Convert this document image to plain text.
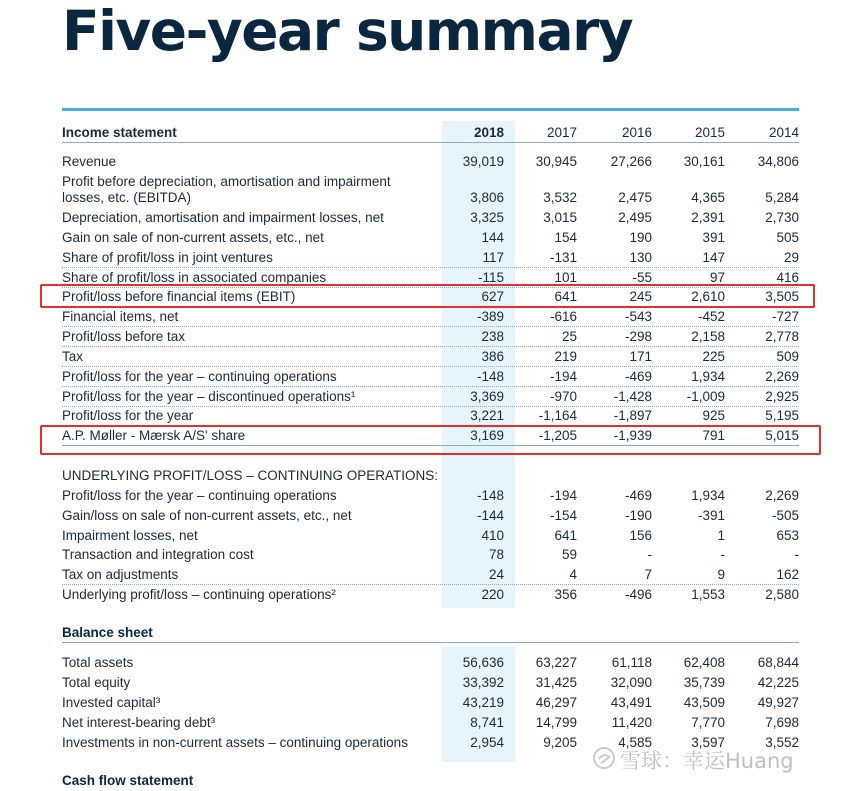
Five-year summary
Income statement	2018	2017	2016	2015	2014
Revenue	39,019	30,945	27,266	30,161	34,806
Profit before depreciation, amortisation and impairment
losses, etc. (EBITDA)	3,806	3,532	2,475	4,365	5,284
Depreciation, amortisation and impairment losses, net	3,325	3,015	2,495	2,391	2,730
Gain on sale of non-current assets, etc., net	144	154	190	391	505
Share of profit/loss in joint ventures	117	-131	130	147	29
Share of profit/loss in associated companies	-115	101	-55	97	416
Profit/loss before financial items (EBIT)	627	641	245	2,610	3,505
Financial items, net	-389	-616	-543	-452	-727
Profit/loss before tax	238	25	-298	2,158	2,778
Tax	386	219	171	225	509
Profit/loss for the year – continuing operations	-148	-194	-469	1,934	2,269
Profit/loss for the year – discontinued operations¹	3,369	-970	-1,428	-1,009	2,925
Profit/loss for the year	3,221	-1,164	-1,897	925	5,195
A.P. Møller - Mærsk A/S' share	3,169	-1,205	-1,939	791	5,015
Profit/loss for the year – continuing operations	-148	-194	-469	1,934	2,269
Gain/loss on sale of non-current assets, etc., net	-144	-154	-190	-391	-505
Impairment losses, net	410	641	156	1	653
Transaction and integration cost	78	59	-	-	-
Tax on adjustments	24	4	7	9	162
Underlying profit/loss – continuing operations²	220	356	-496	1,553	2,580
UNDERLYING PROFIT/LOSS – CONTINUING OPERATIONS:
Balance sheet
Total assets	56,636	63,227	61,118	62,408	68,844
Total equity	33,392	31,425	32,090	35,739	42,225
Invested capital³	43,219	46,297	43,491	43,509	49,927
Net interest-bearing debt³	8,741	14,799	11,420	7,770	7,698
Investments in non-current assets – continuing operations	2,954	9,205	4,585	3,597	3,552
Cash flow statement
雪球：幸运Huang
